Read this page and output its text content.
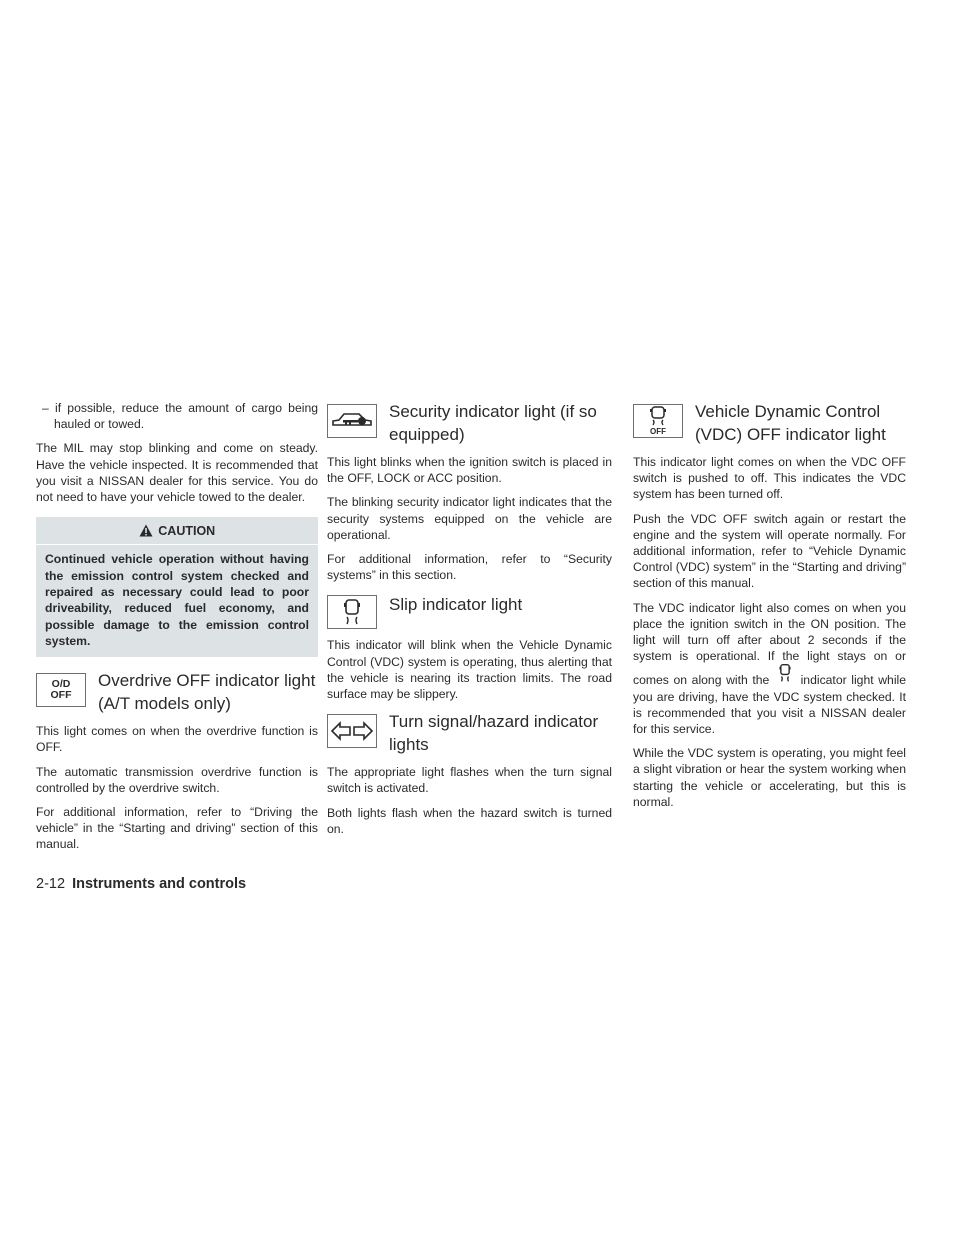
– if possible, reduce the amount of cargo being hauled or towed.

The MIL may stop blinking and come on steady. Have the vehicle inspected. It is recommended that you visit a NISSAN dealer for this service. You do not need to have your vehicle towed to the dealer.

CAUTION
Continued vehicle operation without having the emission control system checked and repaired as necessary could lead to poor driveability, reduced fuel economy, and possible damage to the emission control system.
O/D
OFF
Overdrive OFF indicator light
(A/T models only)

This light comes on when the overdrive function is OFF.

The automatic transmission overdrive function is controlled by the overdrive switch.

For additional information, refer to “Driving the vehicle” in the “Starting and driving” section of this manual.

Security indicator light (if so
equipped)

This light blinks when the ignition switch is placed in the OFF, LOCK or ACC position.

The blinking security indicator light indicates that the security systems equipped on the vehicle are operational.

For additional information, refer to “Security systems” in this section.

Slip indicator light

This indicator will blink when the Vehicle Dynamic Control (VDC) system is operating, thus alerting that the vehicle is nearing its traction limits. The road surface may be slippery.

Turn signal/hazard indicator
lights

The appropriate light flashes when the turn signal switch is activated.

Both lights flash when the hazard switch is turned on.

OFF
Vehicle Dynamic Control
(VDC) OFF indicator light

This indicator light comes on when the VDC OFF switch is pushed to off. This indicates the VDC system has been turned off.

Push the VDC OFF switch again or restart the engine and the system will operate normally. For additional information, refer to “Vehicle Dynamic Control (VDC) system” in the “Starting and driving” section of this manual.

The VDC indicator light also comes on when you place the ignition switch in the ON position. The light will turn off after about 2 seconds if the system is operational. If the light stays on or comes on along with the	indicator light while you are driving, have the VDC system checked. It is recommended that you visit a NISSAN dealer for this service.

While the VDC system is operating, you might feel a slight vibration or hear the system working when starting the vehicle or accelerating, but this is normal.

2-12 Instruments and controls
